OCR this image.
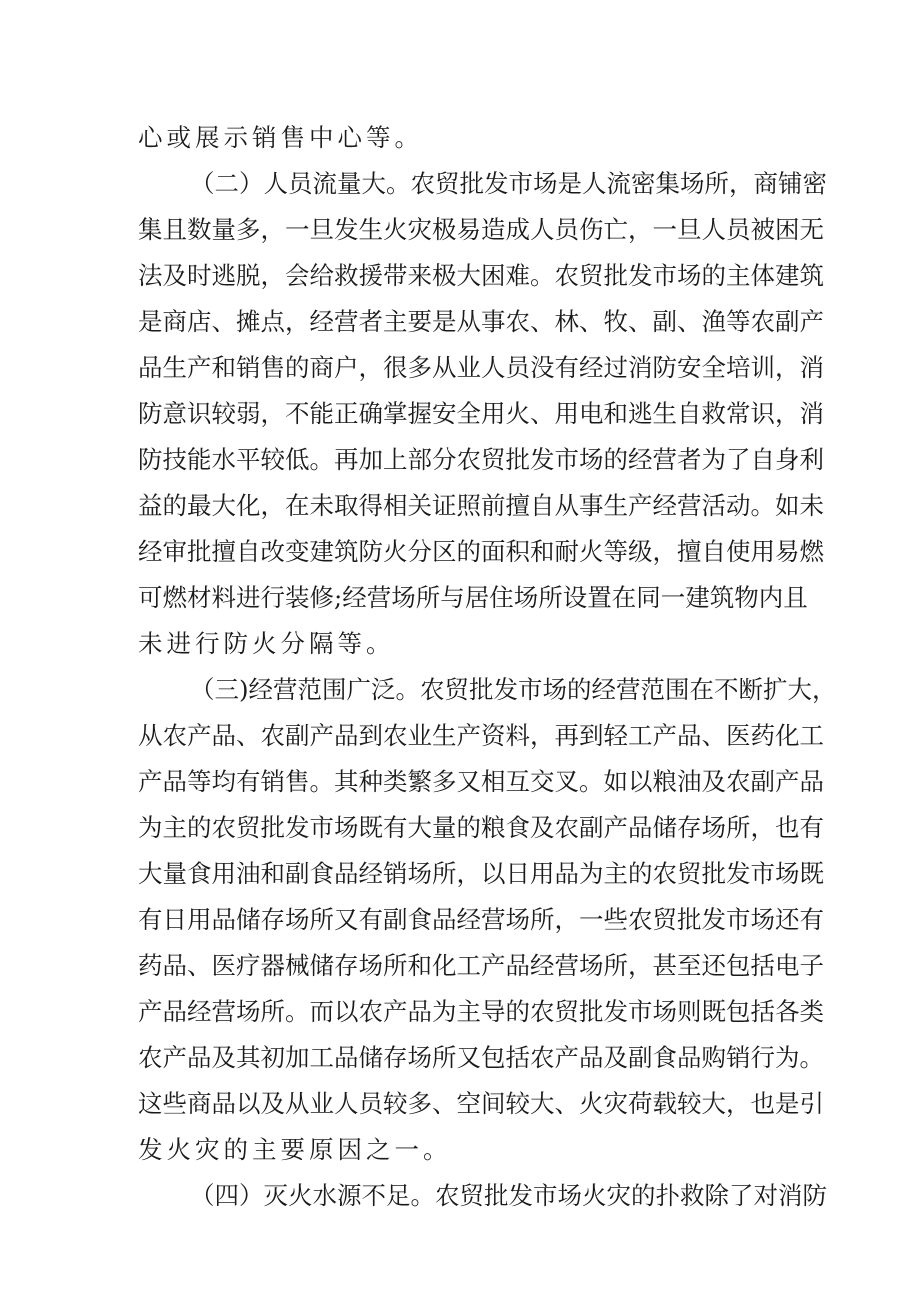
心或展示销售中心等。
（二）人员流量大。农贸批发市场是人流密集场所，商铺密
集且数量多，一旦发生火灾极易造成人员伤亡，一旦人员被困无
法及时逃脱，会给救援带来极大困难。农贸批发市场的主体建筑
是商店、摊点，经营者主要是从事农、林、牧、副、渔等农副产
品生产和销售的商户，很多从业人员没有经过消防安全培训，消
防意识较弱，不能正确掌握安全用火、用电和逃生自救常识，消
防技能水平较低。再加上部分农贸批发市场的经营者为了自身利
益的最大化，在未取得相关证照前擅自从事生产经营活动。如未
经审批擅自改变建筑防火分区的面积和耐火等级，擅自使用易燃
可燃材料进行装修;经营场所与居住场所设置在同一建筑物内且
未进行防火分隔等。
（三)经营范围广泛。农贸批发市场的经营范围在不断扩大，
从农产品、农副产品到农业生产资料，再到轻工产品、医药化工
产品等均有销售。其种类繁多又相互交叉。如以粮油及农副产品
为主的农贸批发市场既有大量的粮食及农副产品储存场所，也有
大量食用油和副食品经销场所，以日用品为主的农贸批发市场既
有日用品储存场所又有副食品经营场所，一些农贸批发市场还有
药品、医疗器械储存场所和化工产品经营场所，甚至还包括电子
产品经营场所。而以农产品为主导的农贸批发市场则既包括各类
农产品及其初加工品储存场所又包括农产品及副食品购销行为。
这些商品以及从业人员较多、空间较大、火灾荷载较大，也是引
发火灾的主要原因之一。
（四）灭火水源不足。农贸批发市场火灾的扑救除了对消防
